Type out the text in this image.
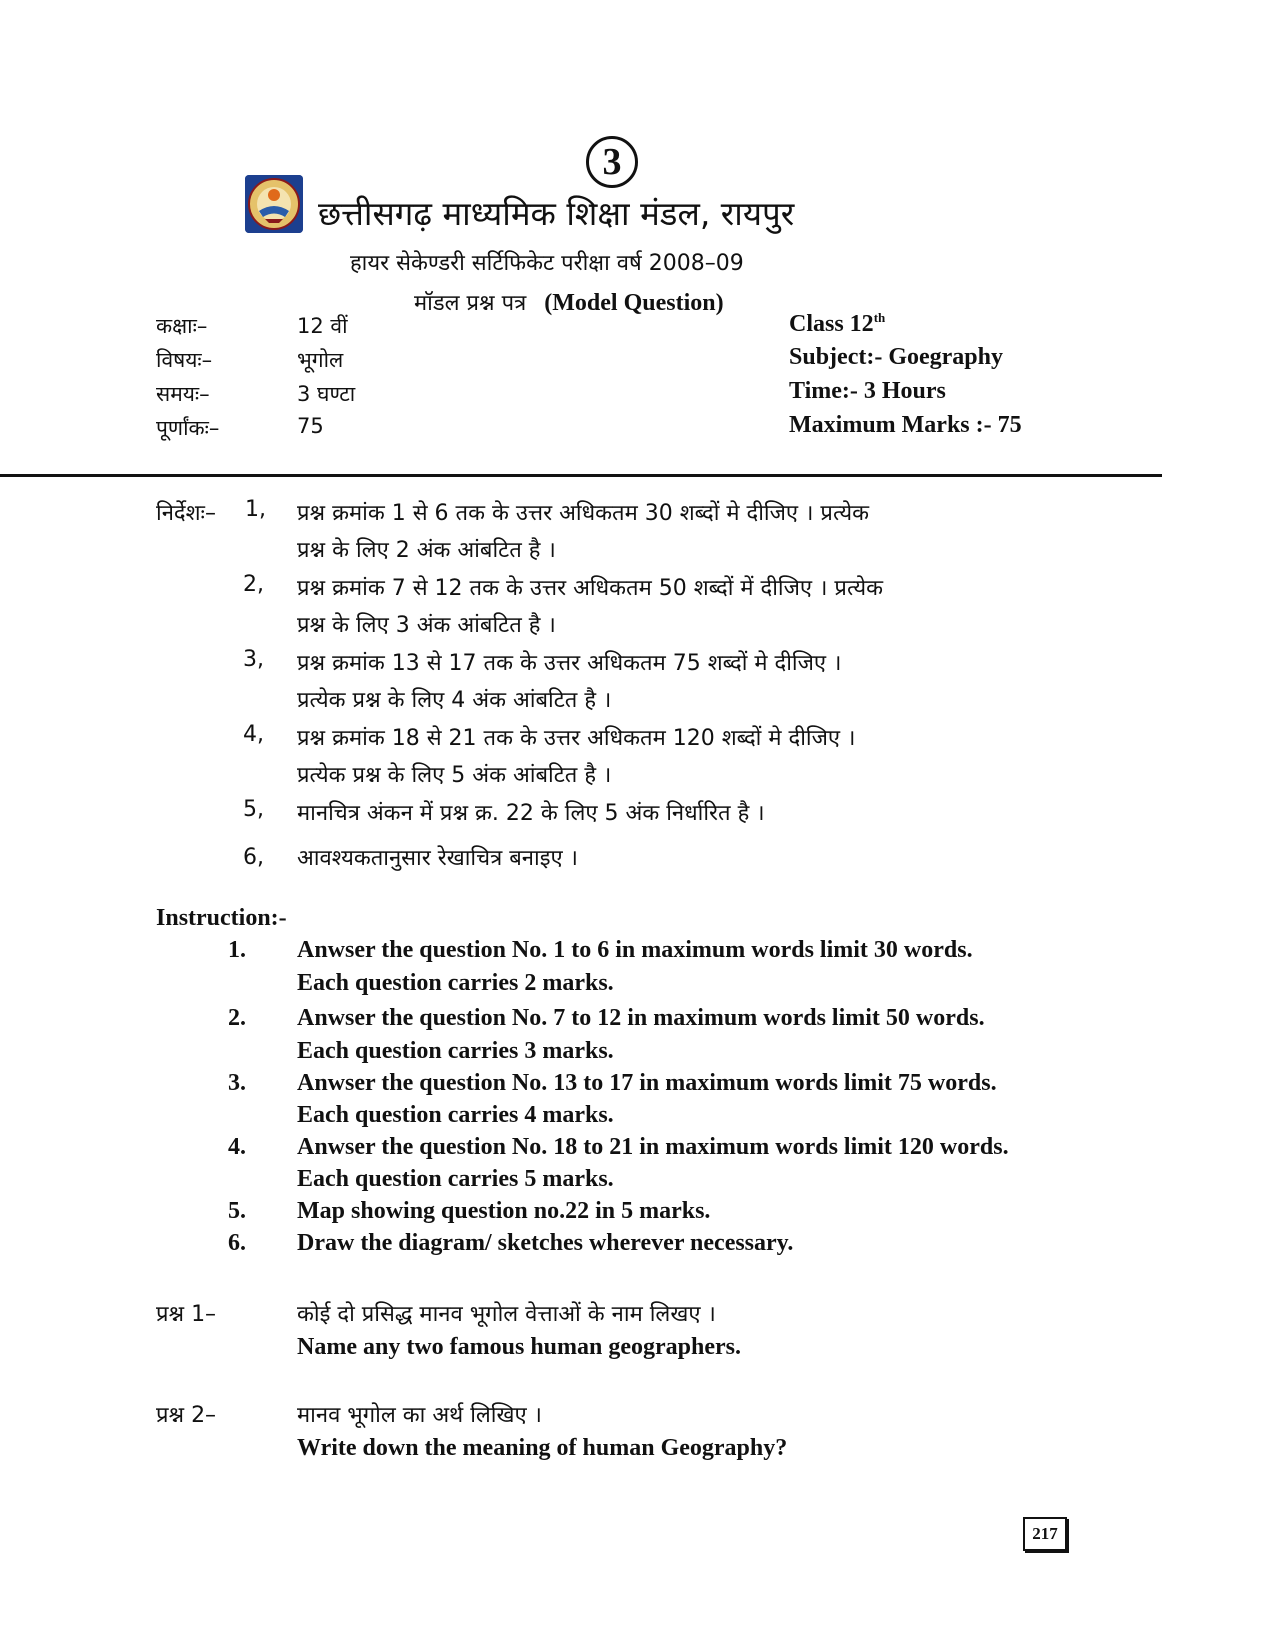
3
छत्तीसगढ़ माध्यमिक शिक्षा मंडल, रायपुर
हायर सेकेण्डरी सर्टिफिकेट परीक्षा वर्ष 2008–09
मॉडल प्रश्न पत्र (Model Question)
कक्षाः–	12 वीं	Class 12th
विषयः–	भूगोल	Subject:- Goegraphy
समयः–	3 घण्टा	Time:- 3 Hours
पूर्णांकः–	75	Maximum Marks :- 75
निर्देशः– 1, प्रश्न क्रमांक 1 से 6 तक के उत्तर अधिकतम 30 शब्दों मे दीजिए । प्रत्येक
प्रश्न के लिए 2 अंक आंबटित है ।
2, प्रश्न क्रमांक 7 से 12 तक के उत्तर अधिकतम 50 शब्दों में दीजिए । प्रत्येक
प्रश्न के लिए 3 अंक आंबटित है ।
3, प्रश्न क्रमांक 13 से 17 तक के उत्तर अधिकतम 75 शब्दों मे दीजिए ।
प्रत्येक प्रश्न के लिए 4 अंक आंबटित है ।
4, प्रश्न क्रमांक 18 से 21 तक के उत्तर अधिकतम 120 शब्दों मे दीजिए ।
प्रत्येक प्रश्न के लिए 5 अंक आंबटित है ।
5, मानचित्र अंकन में प्रश्न क्र. 22 के लिए 5 अंक निर्धारित है ।
6, आवश्यकतानुसार रेखाचित्र बनाइए ।
Instruction:-
1. Anwser the question No. 1 to 6 in maximum words limit 30 words.
Each question carries 2 marks.
2. Anwser the question No. 7 to 12 in maximum words limit 50 words.
Each question carries 3 marks.
3. Anwser the question No. 13 to 17 in maximum words limit 75 words.
Each question carries 4 marks.
4. Anwser the question No. 18 to 21 in maximum words limit 120 words.
Each question carries 5 marks.
5. Map showing question no.22 in 5 marks.
6. Draw the diagram/ sketches wherever necessary.
प्रश्न 1–	कोई दो प्रसिद्ध मानव भूगोल वेत्ताओं के नाम लिखए ।
Name any two famous human geographers.
प्रश्न 2–	मानव भूगोल का अर्थ लिखिए ।
Write down the meaning of human Geography?
217
